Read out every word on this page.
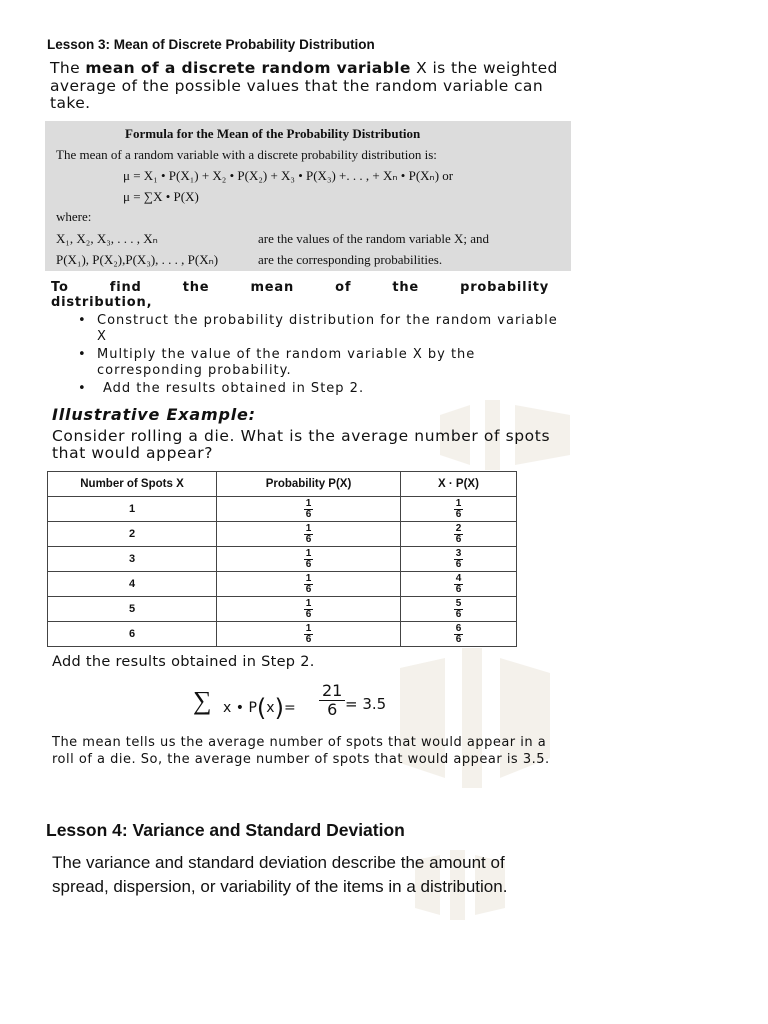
Lesson 3: Mean of Discrete Probability Distribution
The mean of a discrete random variable X is the weighted average of the possible values that the random variable can take.
Formula for the Mean of the Probability Distribution
The mean of a random variable with a discrete probability distribution is:
μ = X₁ • P(X₁) + X₂ • P(X₂) + X₃ • P(X₃) +. . . , + Xₙ • P(Xₙ) or
μ = ∑X • P(X)
where:
X₁, X₂, X₃, . . . , Xₙ	are the values of the random variable X; and
P(X₁), P(X₂),P(X₃), . . . , P(Xₙ)	are the corresponding probabilities.
To	find	the	mean	of	the	probability
distribution,
• Construct the probability distribution for the random variable X
• Multiply the value of the random variable X by the corresponding probability.
• Add the results obtained in Step 2.
Illustrative Example:
Consider rolling a die. What is the average number of spots that would appear?
Number of Spots X	Probability P(X)	X · P(X)
1	$\frac{1}{6}$	$\frac{1}{6}$

2	$\frac{1}{6}$	$\frac{2}{6}$

3	$\frac{1}{6}$	$\frac{3}{6}$

4	$\frac{1}{6}$	$\frac{4}{6}$

5	$\frac{1}{6}$	$\frac{5}{6}$

6	$\frac{1}{6}$	$\frac{6}{6}$
Add the results obtained in Step 2.
∑ x • P(x)=
21
6 = 3.5
The mean tells us the average number of spots that would appear in a roll of a die. So, the average number of spots that would appear is 3.5.
Lesson 4: Variance and Standard Deviation
The variance and standard deviation describe the amount of spread, dispersion, or variability of the items in a distribution.
